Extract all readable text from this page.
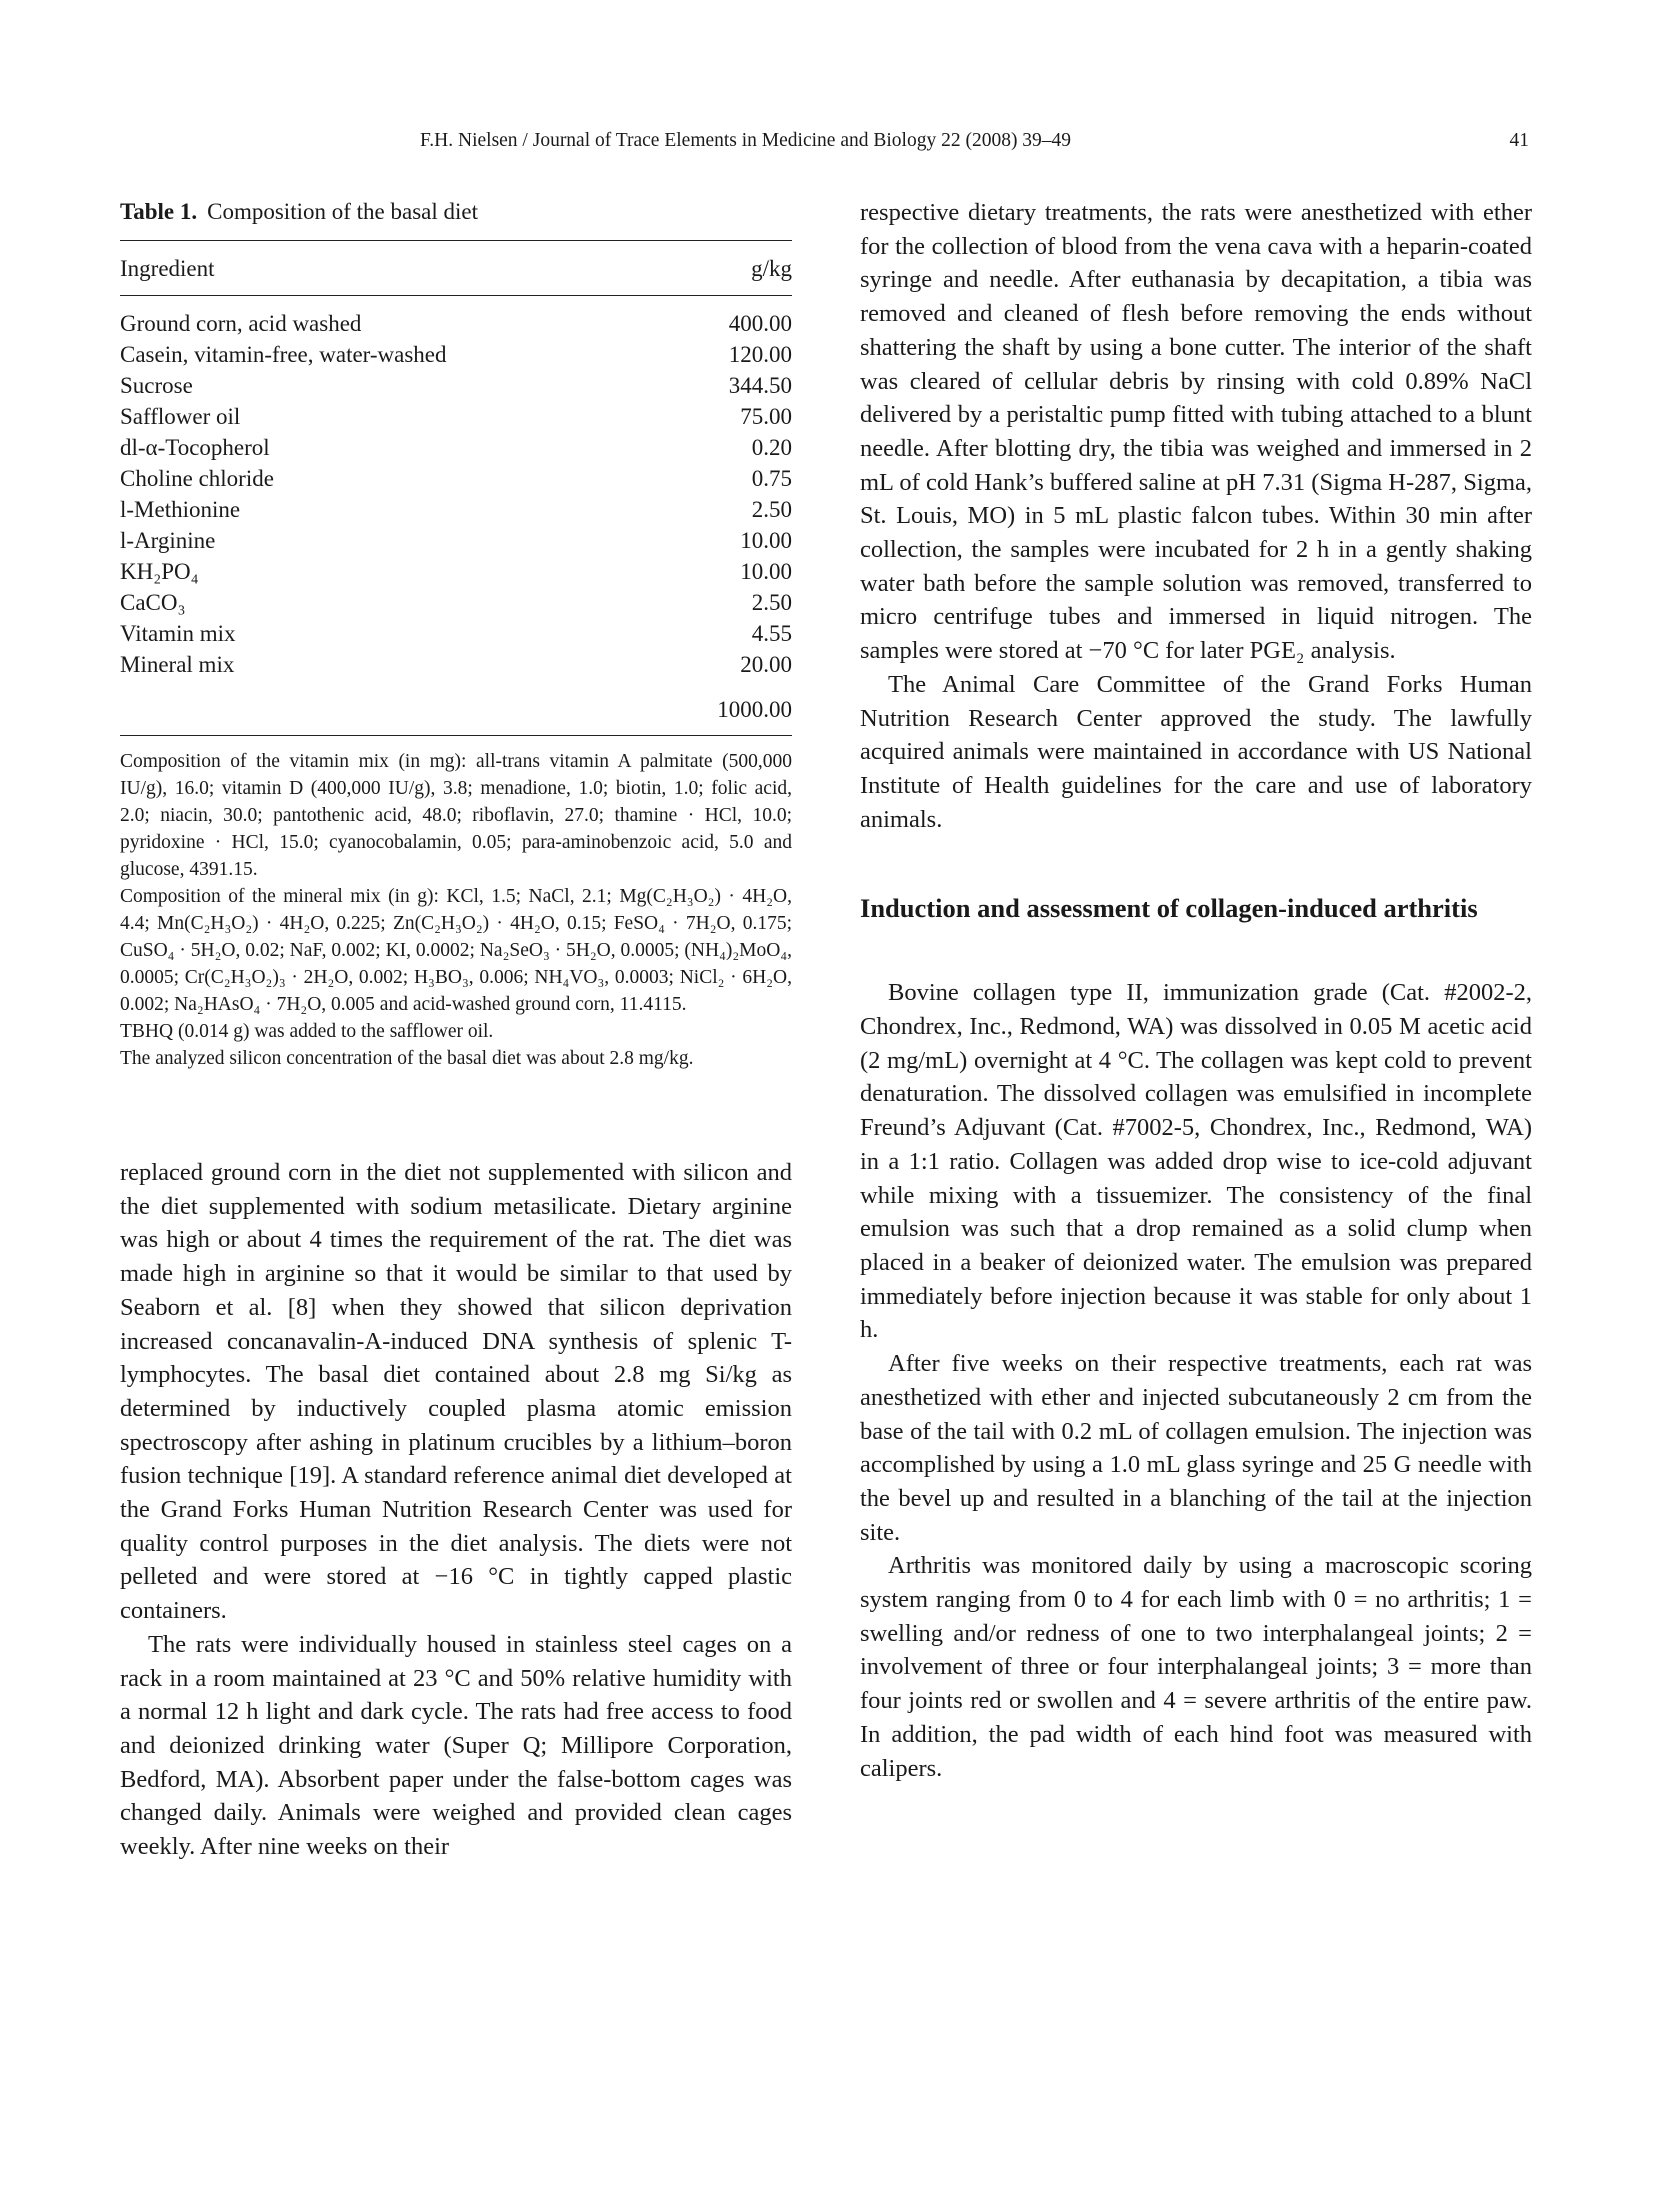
F.H. Nielsen / Journal of Trace Elements in Medicine and Biology 22 (2008) 39–49	41
Table 1. Composition of the basal diet
Ingredient	g/kg
Ground corn, acid washed	400.00
Casein, vitamin-free, water-washed	120.00
Sucrose	344.50
Safflower oil	75.00
dl-α-Tocopherol	0.20
Choline chloride	0.75
l-Methionine	2.50
l-Arginine	10.00
KH₂PO₄	10.00
CaCO₃	2.50
Vitamin mix	4.55
Mineral mix	20.00
	1000.00

Composition of the vitamin mix (in mg): all-trans vitamin A palmitate (500,000 IU/g), 16.0; vitamin D (400,000 IU/g), 3.8; menadione, 1.0; biotin, 1.0; folic acid, 2.0; niacin, 30.0; pantothenic acid, 48.0; riboflavin, 27.0; thamine · HCl, 10.0; pyridoxine · HCl, 15.0; cyanocobalamin, 0.05; para-aminobenzoic acid, 5.0 and glucose, 4391.15.

Composition of the mineral mix (in g): KCl, 1.5; NaCl, 2.1; Mg(C₂H₃O₂) · 4H₂O, 4.4; Mn(C₂H₃O₂) · 4H₂O, 0.225; Zn(C₂H₃O₂) · 4H₂O, 0.15; FeSO₄ · 7H₂O, 0.175; CuSO₄ · 5H₂O, 0.02; NaF, 0.002; KI, 0.0002; Na₂SeO₃ · 5H₂O, 0.0005; (NH₄)₂MoO₄, 0.0005; Cr(C₂H₃O₂)₃ · 2H₂O, 0.002; H₃BO₃, 0.006; NH₄VO₃, 0.0003; NiCl₂ · 6H₂O, 0.002; Na₂HAsO₄ · 7H₂O, 0.005 and acid-washed ground corn, 11.4115.

TBHQ (0.014 g) was added to the safflower oil.

The analyzed silicon concentration of the basal diet was about 2.8 mg/kg.

replaced ground corn in the diet not supplemented with silicon and the diet supplemented with sodium metasilicate. Dietary arginine was high or about 4 times the requirement of the rat. The diet was made high in arginine so that it would be similar to that used by Seaborn et al. [8] when they showed that silicon deprivation increased concanavalin-A-induced DNA synthesis of splenic T-lymphocytes. The basal diet contained about 2.8 mg Si/kg as determined by inductively coupled plasma atomic emission spectroscopy after ashing in platinum crucibles by a lithium–boron fusion technique [19]. A standard reference animal diet developed at the Grand Forks Human Nutrition Research Center was used for quality control purposes in the diet analysis. The diets were not pelleted and were stored at −16 °C in tightly capped plastic containers.

The rats were individually housed in stainless steel cages on a rack in a room maintained at 23 °C and 50% relative humidity with a normal 12 h light and dark cycle. The rats had free access to food and deionized drinking water (Super Q; Millipore Corporation, Bedford, MA). Absorbent paper under the false-bottom cages was changed daily. Animals were weighed and provided clean cages weekly. After nine weeks on their

respective dietary treatments, the rats were anesthetized with ether for the collection of blood from the vena cava with a heparin-coated syringe and needle. After euthanasia by decapitation, a tibia was removed and cleaned of flesh before removing the ends without shattering the shaft by using a bone cutter. The interior of the shaft was cleared of cellular debris by rinsing with cold 0.89% NaCl delivered by a peristaltic pump fitted with tubing attached to a blunt needle. After blotting dry, the tibia was weighed and immersed in 2 mL of cold Hank’s buffered saline at pH 7.31 (Sigma H-287, Sigma, St. Louis, MO) in 5 mL plastic falcon tubes. Within 30 min after collection, the samples were incubated for 2 h in a gently shaking water bath before the sample solution was removed, transferred to micro centrifuge tubes and immersed in liquid nitrogen. The samples were stored at −70 °C for later PGE₂ analysis.

The Animal Care Committee of the Grand Forks Human Nutrition Research Center approved the study. The lawfully acquired animals were maintained in accordance with US National Institute of Health guidelines for the care and use of laboratory animals.

Induction and assessment of collagen-induced arthritis

Bovine collagen type II, immunization grade (Cat. #2002-2, Chondrex, Inc., Redmond, WA) was dissolved in 0.05 M acetic acid (2 mg/mL) overnight at 4 °C. The collagen was kept cold to prevent denaturation. The dissolved collagen was emulsified in incomplete Freund’s Adjuvant (Cat. #7002-5, Chondrex, Inc., Redmond, WA) in a 1:1 ratio. Collagen was added drop wise to ice-cold adjuvant while mixing with a tissuemizer. The consistency of the final emulsion was such that a drop remained as a solid clump when placed in a beaker of deionized water. The emulsion was prepared immediately before injection because it was stable for only about 1 h.

After five weeks on their respective treatments, each rat was anesthetized with ether and injected subcutaneously 2 cm from the base of the tail with 0.2 mL of collagen emulsion. The injection was accomplished by using a 1.0 mL glass syringe and 25 G needle with the bevel up and resulted in a blanching of the tail at the injection site.

Arthritis was monitored daily by using a macroscopic scoring system ranging from 0 to 4 for each limb with 0 = no arthritis; 1 = swelling and/or redness of one to two interphalangeal joints; 2 = involvement of three or four interphalangeal joints; 3 = more than four joints red or swollen and 4 = severe arthritis of the entire paw. In addition, the pad width of each hind foot was measured with calipers.
